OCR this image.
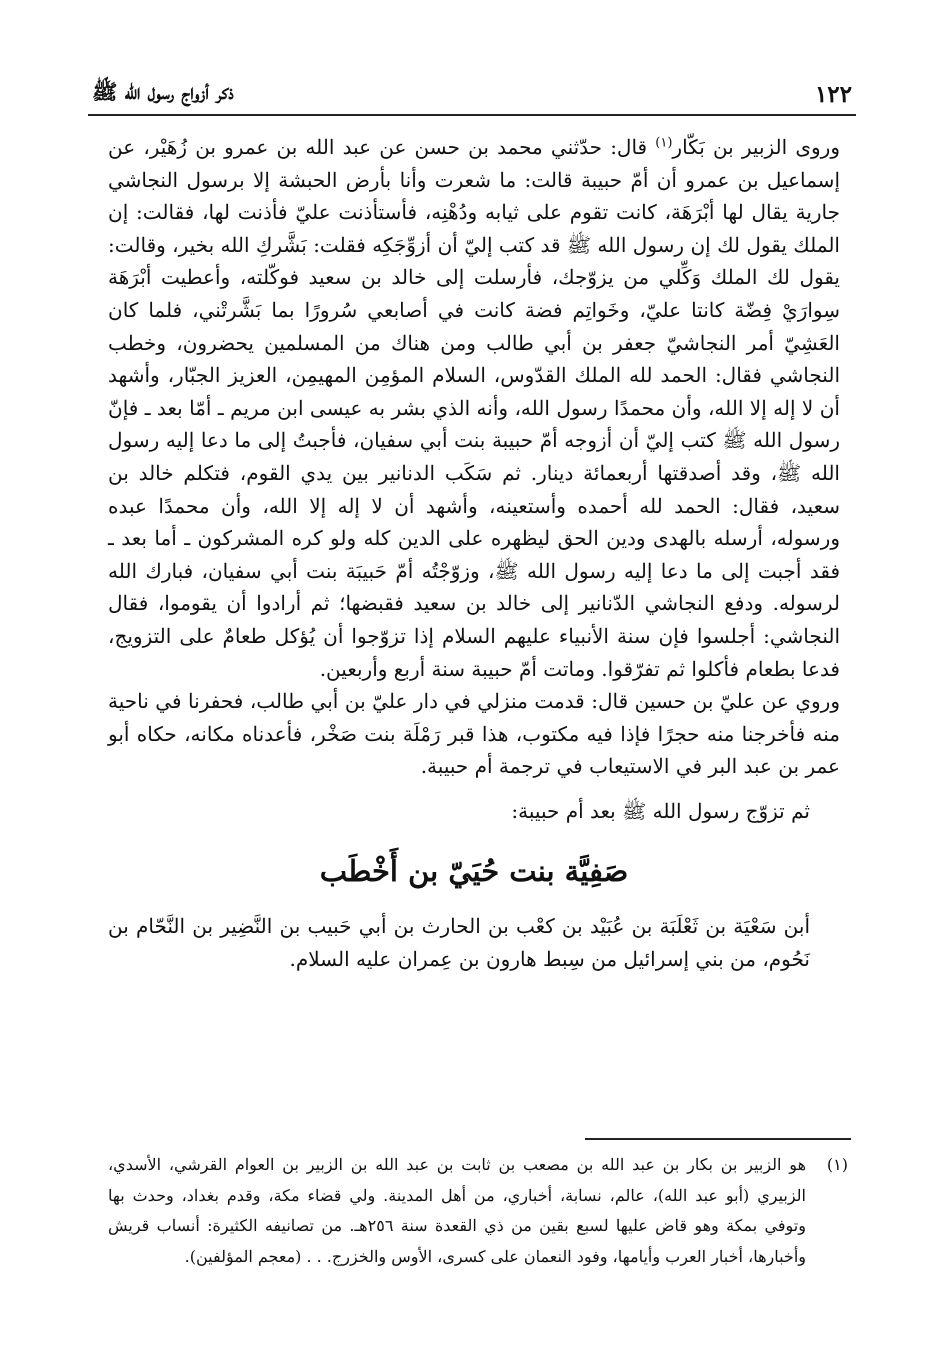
١٢٢
ذكر أزواج رسول الله ﷺ

وروى الزبير بن بَكّار$^{(١)}$ قال: حدّثني محمد بن حسن عن عبد الله بن عمرو بن زُهَيْر، عن إسماعيل بن عمرو أن أمّ حبيبة قالت: ما شعرت وأنا بأرض الحبشة إلا برسول النجاشي جارية يقال لها أبْرَهَة، كانت تقوم على ثيابه ودُهْنِه، فأستأذنت عليّ فأذنت لها، فقالت: إن الملك يقول لك إن رسول الله ﷺ قد كتب إليّ أن أزوِّجَكِه فقلت: بَشَّركِ الله بخير، وقالت: يقول لك الملك وَكِّلي من يزوّجك، فأرسلت إلى خالد بن سعيد فوكّلته، وأعطيت أبْرَهَة سِوارَيْ فِضّة كانتا عليّ، وخَواتِم فضة كانت في أصابعي سُرورًا بما بَشَّرتْني، فلما كان العَشِيّ أمر النجاشيّ جعفر بن أبي طالب ومن هناك من المسلمين يحضرون، وخطب النجاشي فقال: الحمد لله الملك القدّوس، السلام المؤمِن المهيمِن، العزيز الجبّار، وأشهد أن لا إله إلا الله، وأن محمدًا رسول الله، وأنه الذي بشر به عيسى ابن مريم ـ أمّا بعد ـ فإنّ رسول الله ﷺ كتب إليّ أن أزوجه أمّ حبيبة بنت أبي سفيان، فأجبتُ إلى ما دعا إليه رسول الله ﷺ، وقد أصدقتها أربعمائة دينار. ثم سَكَب الدنانير بين يدي القوم، فتكلم خالد بن سعيد، فقال: الحمد لله أحمده وأستعينه، وأشهد أن لا إله إلا الله، وأن محمدًا عبده ورسوله، أرسله بالهدى ودين الحق ليظهره على الدين كله ولو كره المشركون ـ أما بعد ـ فقد أجبت إلى ما دعا إليه رسول الله ﷺ، وزوّجْتُه أمّ حَبيبَة بنت أبي سفيان، فبارك الله لرسوله. ودفع النجاشي الدّنانير إلى خالد بن سعيد فقبضها؛ ثم أرادوا أن يقوموا، فقال النجاشي: أجلسوا فإن سنة الأنبياء عليهم السلام إذا تزوّجوا أن يُؤكل طعامٌ على التزويج، فدعا بطعام فأكلوا ثم تفرّقوا. وماتت أمّ حبيبة سنة أربع وأربعين.

وروي عن عليّ بن حسين قال: قدمت منزلي في دار عليّ بن أبي طالب، فحفرنا في ناحية منه فأخرجنا منه حجرًا فإذا فيه مكتوب، هذا قبر رَمْلَة بنت صَخْر، فأعدناه مكانه، حكاه أبو عمر بن عبد البر في الاستيعاب في ترجمة أم حبيبة.

ثم تزوّج رسول الله ﷺ بعد أم حبيبة:

صَفِيَّة بنت حُيَيّ بن أَخْطَب

أبن سَعْيَة بن ثَعْلَبَة بن عُبَيْد بن كعْب بن الحارث بن أبي حَبيب بن النَّضِير بن النَّحّام بن نَحُوم، من بني إسرائيل من سِبط هارون بن عِمران عليه السلام.

(١)
هو الزبير بن بكار بن عبد الله بن مصعب بن ثابت بن عبد الله بن الزبير بن العوام القرشي، الأسدي، الزبيري (أبو عبد الله)، عالم، نسابة، أخباري، من أهل المدينة. ولي قضاء مكة، وقدم بغداد، وحدث بها وتوفي بمكة وهو قاض عليها لسبع بقين من ذي القعدة سنة ٢٥٦هـ. من تصانيفه الكثيرة: أنساب قريش وأخبارها، أخبار العرب وأيامها، وفود النعمان على كسرى، الأوس والخزرج. . . (معجم المؤلفين).
